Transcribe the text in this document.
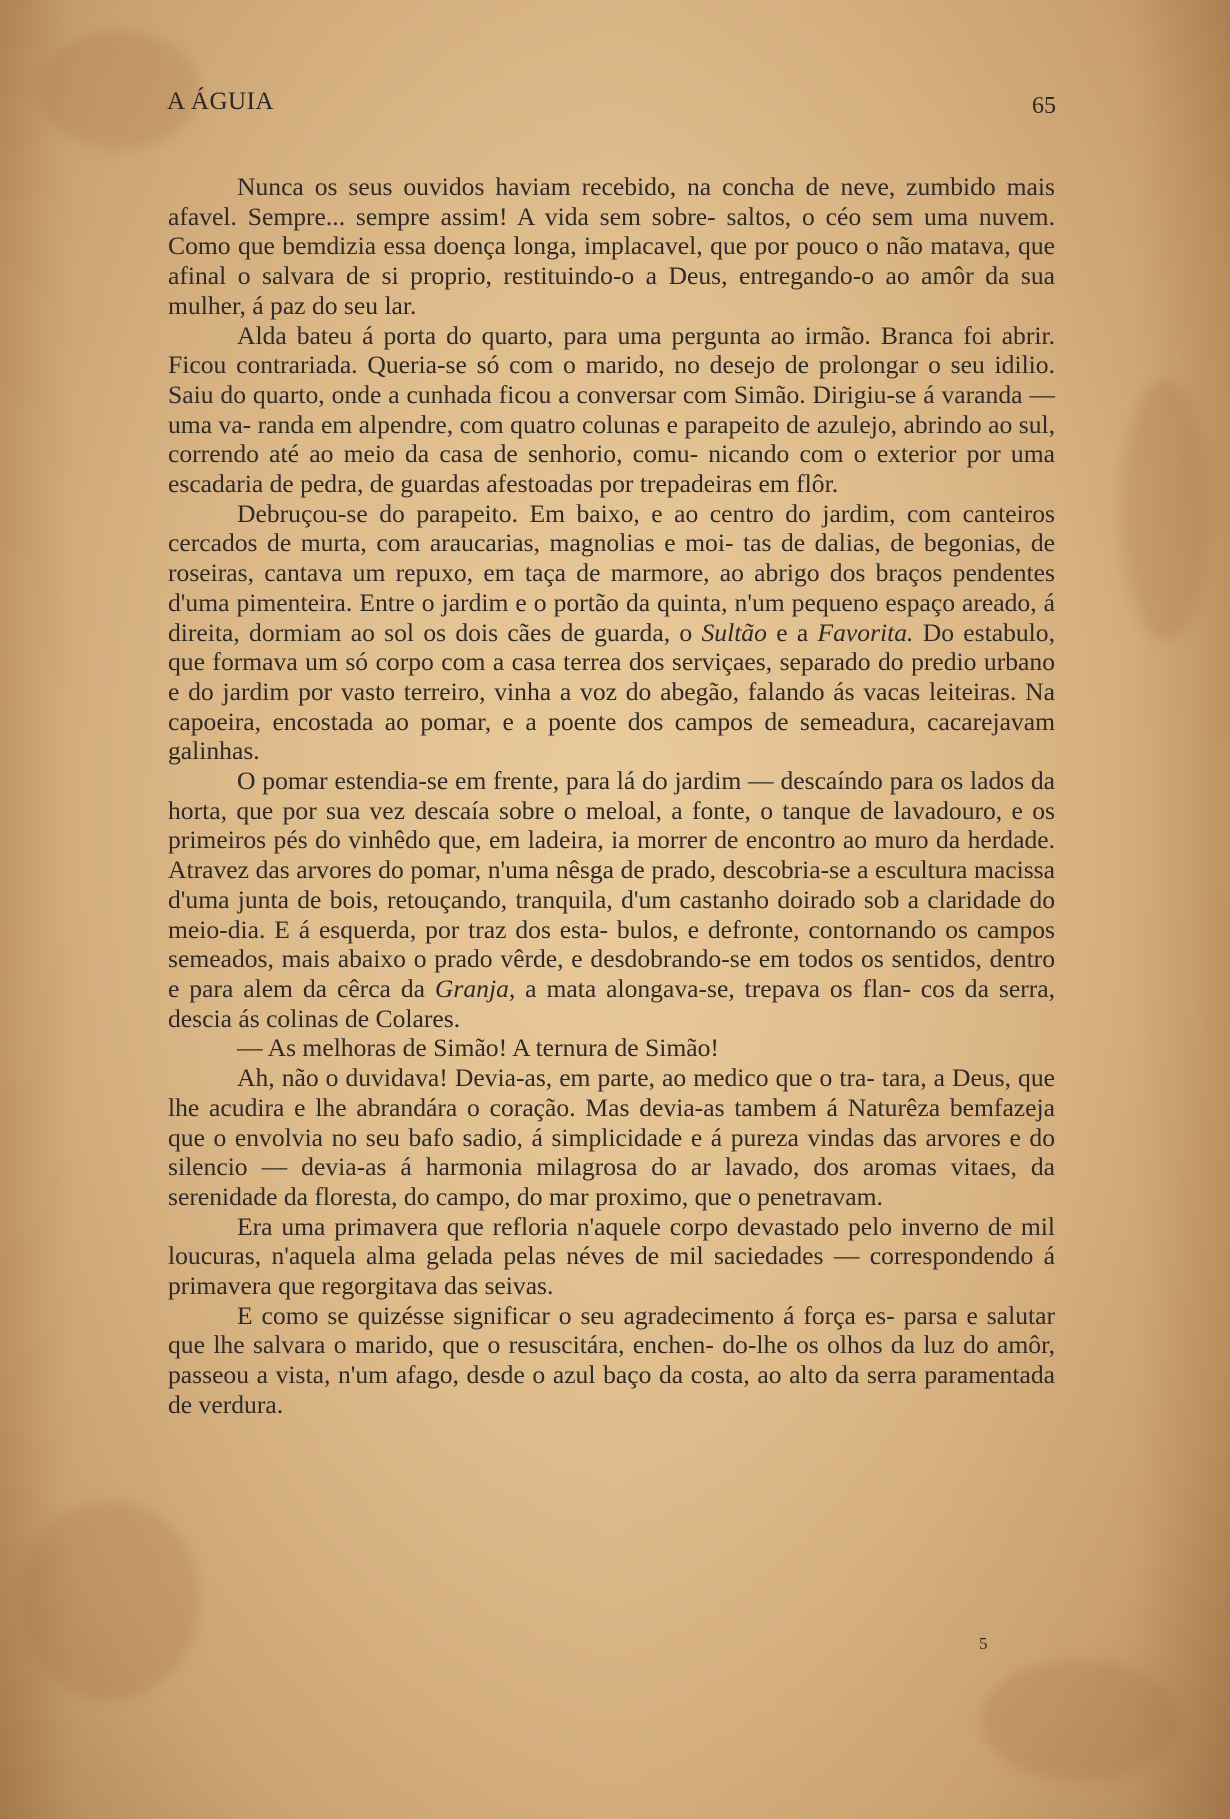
A ÁGUIA	65

Nunca os seus ouvidos haviam recebido, na concha de neve, zumbido mais afavel. Sempre... sempre assim! A vida sem sobre- saltos, o céo sem uma nuvem. Como que bemdizia essa doença longa, implacavel, que por pouco o não matava, que afinal o salvara de si proprio, restituindo-o a Deus, entregando-o ao amôr da sua mulher, á paz do seu lar.

Alda bateu á porta do quarto, para uma pergunta ao irmão. Branca foi abrir. Ficou contrariada. Queria-se só com o marido, no desejo de prolongar o seu idilio. Saiu do quarto, onde a cunhada ficou a conversar com Simão. Dirigiu-se á varanda — uma va- randa em alpendre, com quatro colunas e parapeito de azulejo, abrindo ao sul, correndo até ao meio da casa de senhorio, comu- nicando com o exterior por uma escadaria de pedra, de guardas afestoadas por trepadeiras em flôr.

Debruçou-se do parapeito. Em baixo, e ao centro do jardim, com canteiros cercados de murta, com araucarias, magnolias e moi- tas de dalias, de begonias, de roseiras, cantava um repuxo, em taça de marmore, ao abrigo dos braços pendentes d'uma pimenteira. Entre o jardim e o portão da quinta, n'um pequeno espaço areado, á direita, dormiam ao sol os dois cães de guarda, o Sultão e a Favorita. Do estabulo, que formava um só corpo com a casa terrea dos serviçaes, separado do predio urbano e do jardim por vasto terreiro, vinha a voz do abegão, falando ás vacas leiteiras. Na capoeira, encostada ao pomar, e a poente dos campos de semeadura, cacarejavam galinhas.

O pomar estendia-se em frente, para lá do jardim — descaíndo para os lados da horta, que por sua vez descaía sobre o meloal, a fonte, o tanque de lavadouro, e os primeiros pés do vinhêdo que, em ladeira, ia morrer de encontro ao muro da herdade. Atravez das arvores do pomar, n'uma nêsga de prado, descobria-se a escultura macissa d'uma junta de bois, retouçando, tranquila, d'um castanho doirado sob a claridade do meio-dia. E á esquerda, por traz dos esta- bulos, e defronte, contornando os campos semeados, mais abaixo o prado vêrde, e desdobrando-se em todos os sentidos, dentro e para alem da cêrca da Granja, a mata alongava-se, trepava os flan- cos da serra, descia ás colinas de Colares.

— As melhoras de Simão! A ternura de Simão!

Ah, não o duvidava! Devia-as, em parte, ao medico que o tra- tara, a Deus, que lhe acudira e lhe abrandára o coração. Mas devia-as tambem á Naturêza bemfazeja que o envolvia no seu bafo sadio, á simplicidade e á pureza vindas das arvores e do silencio — devia-as á harmonia milagrosa do ar lavado, dos aromas vitaes, da serenidade da floresta, do campo, do mar proximo, que o penetravam.

Era uma primavera que refloria n'aquele corpo devastado pelo inverno de mil loucuras, n'aquela alma gelada pelas néves de mil saciedades — correspondendo á primavera que regorgitava das seivas.

E como se quizésse significar o seu agradecimento á força es- parsa e salutar que lhe salvara o marido, que o resuscitára, enchen- do-lhe os olhos da luz do amôr, passeou a vista, n'um afago, desde o azul baço da costa, ao alto da serra paramentada de verdura.

5
